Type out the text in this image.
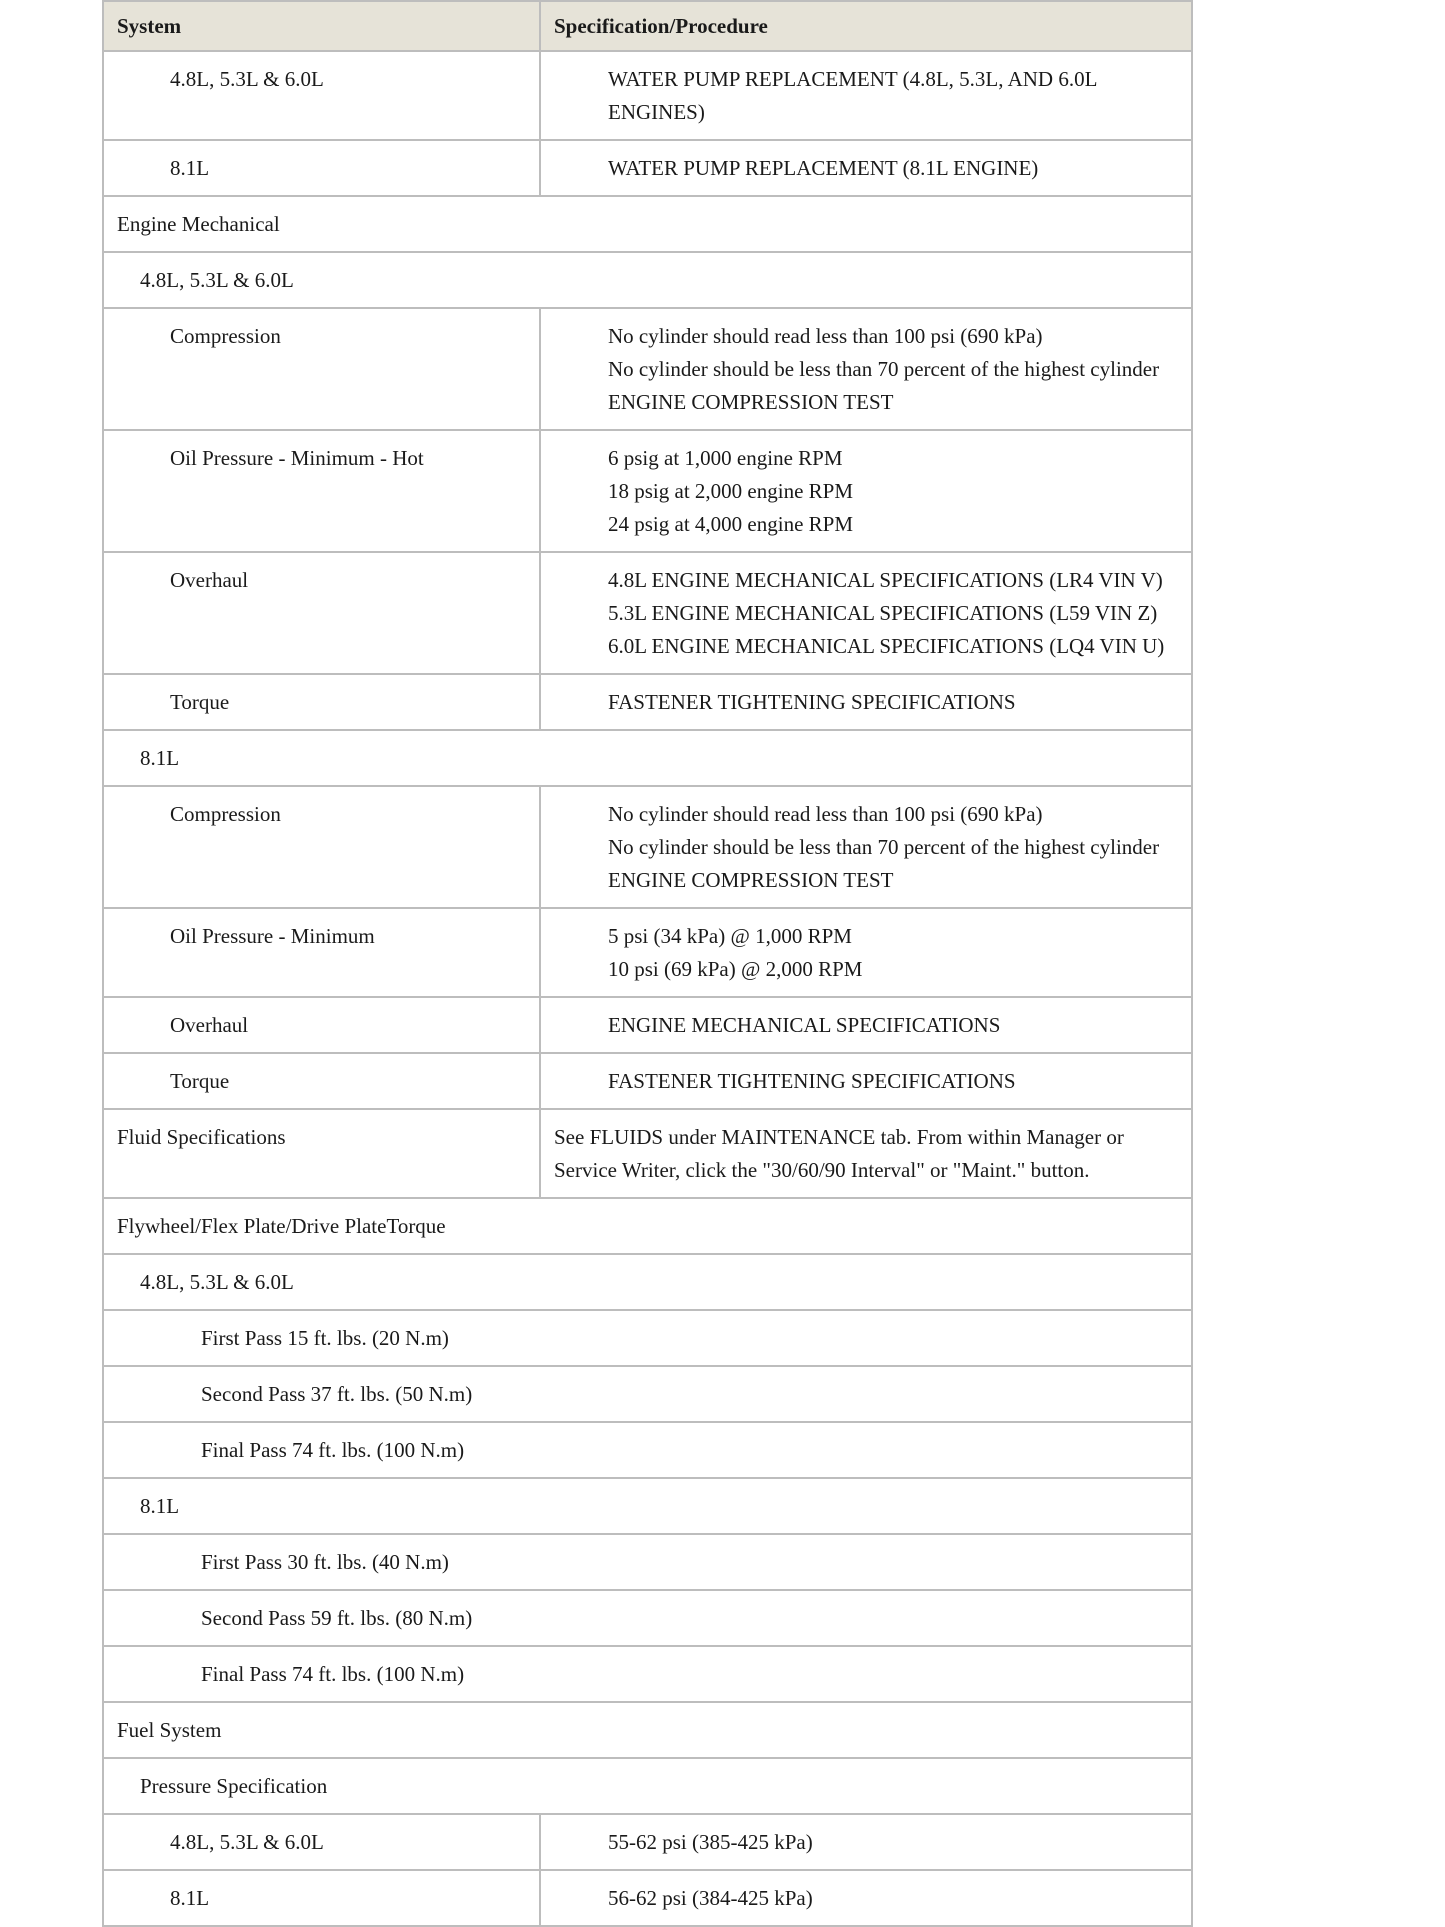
System	Specification/Procedure
4.8L, 5.3L & 6.0L	WATER PUMP REPLACEMENT (4.8L, 5.3L, AND 6.0L ENGINES)

8.1L	WATER PUMP REPLACEMENT (8.1L ENGINE)

Engine Mechanical	
4.8L, 5.3L & 6.0L	
Compression	No cylinder should read less than 100 psi (690 kPa)
No cylinder should be less than 70 percent of the highest cylinder
ENGINE COMPRESSION TEST

Oil Pressure - Minimum - Hot	6 psig at 1,000 engine RPM
18 psig at 2,000 engine RPM
24 psig at 4,000 engine RPM

Overhaul	4.8L ENGINE MECHANICAL SPECIFICATIONS (LR4 VIN V)
5.3L ENGINE MECHANICAL SPECIFICATIONS (L59 VIN Z)
6.0L ENGINE MECHANICAL SPECIFICATIONS (LQ4 VIN U)

Torque	FASTENER TIGHTENING SPECIFICATIONS

8.1L	
Compression	No cylinder should read less than 100 psi (690 kPa)
No cylinder should be less than 70 percent of the highest cylinder
ENGINE COMPRESSION TEST

Oil Pressure - Minimum	5 psi (34 kPa) @ 1,000 RPM
10 psi (69 kPa) @ 2,000 RPM

Overhaul	ENGINE MECHANICAL SPECIFICATIONS

Torque	FASTENER TIGHTENING SPECIFICATIONS

Fluid Specifications	See FLUIDS under MAINTENANCE tab. From within Manager or Service Writer, click the "30/60/90 Interval" or "Maint." button.

Flywheel/Flex Plate/Drive PlateTorque	
4.8L, 5.3L & 6.0L	
First Pass 15 ft. lbs. (20 N.m)	
Second Pass 37 ft. lbs. (50 N.m)	
Final Pass 74 ft. lbs. (100 N.m)	
8.1L	
First Pass 30 ft. lbs. (40 N.m)	
Second Pass 59 ft. lbs. (80 N.m)	
Final Pass 74 ft. lbs. (100 N.m)	
Fuel System	
Pressure Specification	
4.8L, 5.3L & 6.0L	55-62 psi (385-425 kPa)

8.1L	56-62 psi (384-425 kPa)
